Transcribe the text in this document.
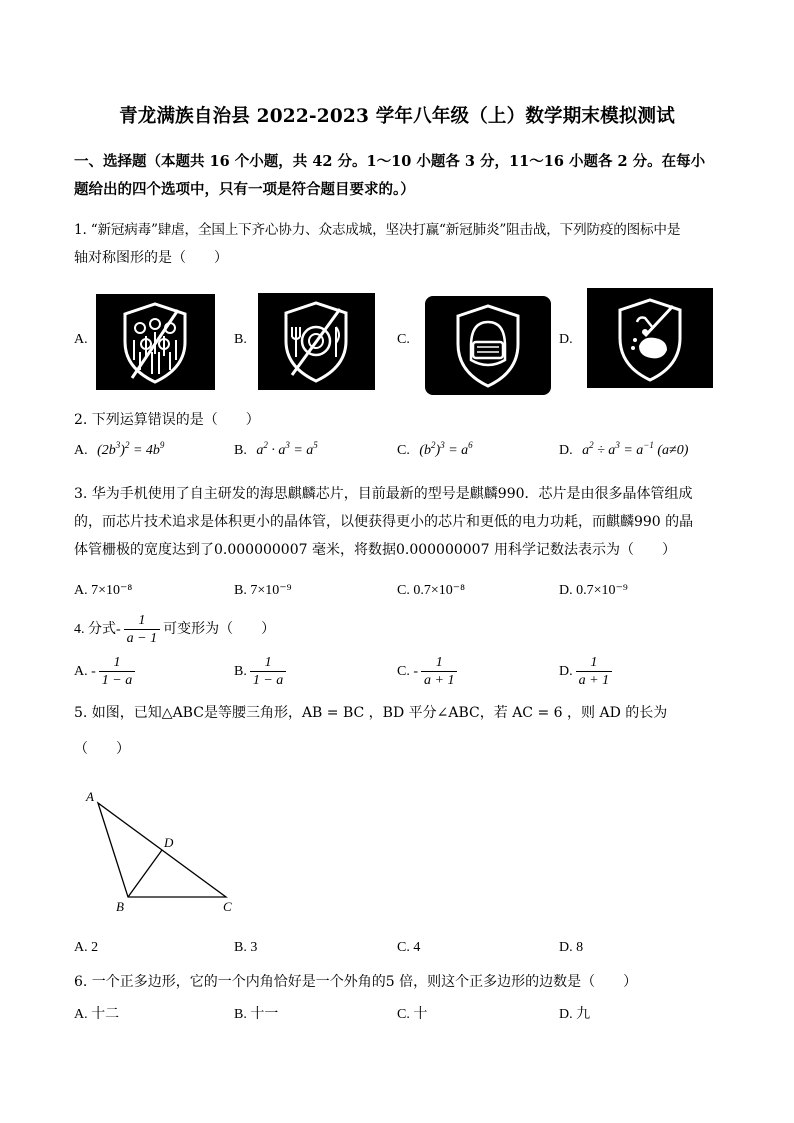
青龙满族自治县 2022-2023 学年八年级（上）数学期末模拟测试
一、选择题（本题共 16 个小题，共 42 分。1～10 小题各 3 分，11～16 小题各 2 分。在每小
题给出的四个选项中，只有一项是符合题目要求的。）
1. “新冠病毒”肆虐，全国上下齐心协力、众志成城，坚决打赢“新冠肺炎”阻击战，下列防疫的图标中是
轴对称图形的是（　　）
A.	B.	C.	D.
2. 下列运算错误的是（　　）
A. $(2b^3)^2 = 4b^9$	B. $a^2 \cdot a^3 = a^5$	C. $(b^2)^3 = a^6$	D. $a^2 \div a^3 = a^{-1}$ (a≠0)
3. 华为手机使用了自主研发的海思麒麟芯片，目前最新的型号是麒麟990．芯片是由很多晶体管组成
的，而芯片技术追求是体积更小的晶体管，以便获得更小的芯片和更低的电力功耗，而麒麟990 的晶
体管栅极的宽度达到了0.000000007 毫米，将数据0.000000007 用科学记数法表示为（　　）
A. 7×10⁻⁸	B. 7×10⁻⁹	C. 0.7×10⁻⁸	D. 0.7×10⁻⁹
4. 分式- $\frac{1}{a - 1}$ 可变形为（　　）
A. - $\frac{1}{1 - a}$	B. $\frac{1}{1 - a}$	C. - $\frac{1}{a + 1}$	D. $\frac{1}{a + 1}$
5. 如图，已知△ABC是等腰三角形，AB = BC ，BD 平分∠ABC，若 AC = 6 ，则 AD 的长为
（　　）
A
B	C
D
A. 2	B. 3	C. 4	D. 8
6. 一个正多边形，它的一个内角恰好是一个外角的5 倍，则这个正多边形的边数是（　　）
A. 十二	B. 十一	C. 十	D. 九
